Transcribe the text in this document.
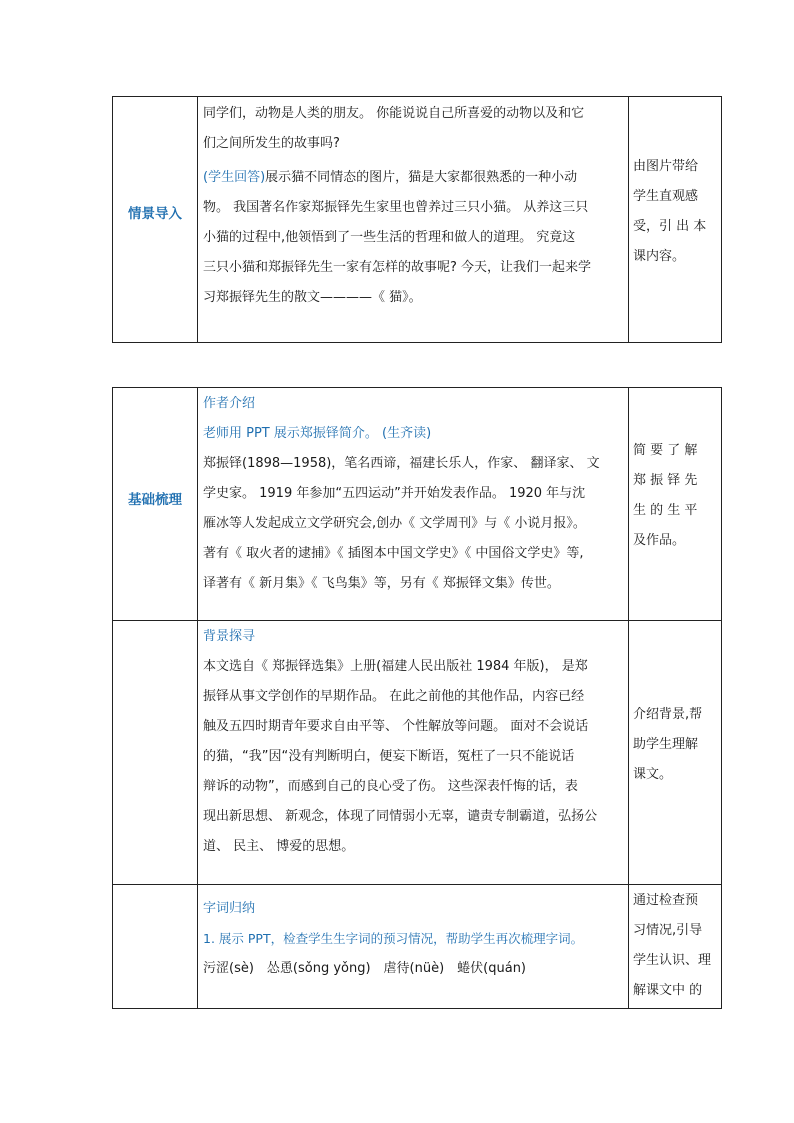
情景导入

同学们，动物是人类的朋友。 你能说说自己所喜爱的动物以及和它

们之间所发生的故事吗?

(学生回答)展示猫不同情态的图片，猫是大家都很熟悉的一种小动

物。 我国著名作家郑振铎先生家里也曾养过三只小猫。 从养这三只

小猫的过程中,他领悟到了一些生活的哲理和做人的道理。 究竟这

三只小猫和郑振铎先生一家有怎样的故事呢? 今天，让我们一起来学

习郑振铎先生的散文————《 猫》。

由图片带给
学生直观感
受，引 出 本
课内容。
基础梳理

作者介绍

老师用 PPT 展示郑振铎简介。 (生齐读)

郑振铎(1898—1958)，笔名西谛，福建长乐人，作家、 翻译家、 文

学史家。 1919 年参加“五四运动”并开始发表作品。 1920 年与沈

雁冰等人发起成立文学研究会,创办《 文学周刊》与《 小说月报》。

著有《 取火者的逮捕》《 插图本中国文学史》《 中国俗文学史》等,

译著有《 新月集》《 飞鸟集》等，另有《 郑振铎文集》传世。

简 要 了 解
郑 振 铎 先
生 的 生 平
及作品。

背景探寻

本文选自《 郑振铎选集》上册(福建人民出版社 1984 年版)， 是郑

振铎从事文学创作的早期作品。 在此之前他的其他作品，内容已经

触及五四时期青年要求自由平等、 个性解放等问题。 面对不会说话

的猫，“我”因“没有判断明白，便妄下断语，冤枉了一只不能说话

辩诉的动物”，而感到自己的良心受了伤。 这些深表忏悔的话，表

现出新思想、 新观念，体现了同情弱小无辜，谴责专制霸道，弘扬公

道、 民主、 博爱的思想。

介绍背景,帮
助学生理解
课文。

字词归纳

1. 展示 PPT，检查学生生字词的预习情况，帮助学生再次梳理字词。

污涩(sè)　怂恿(sǒng yǒng)　虐待(nüè)　蜷伏(quán)

通过检查预
习情况,引导
学生认识、理
解课文中 的
